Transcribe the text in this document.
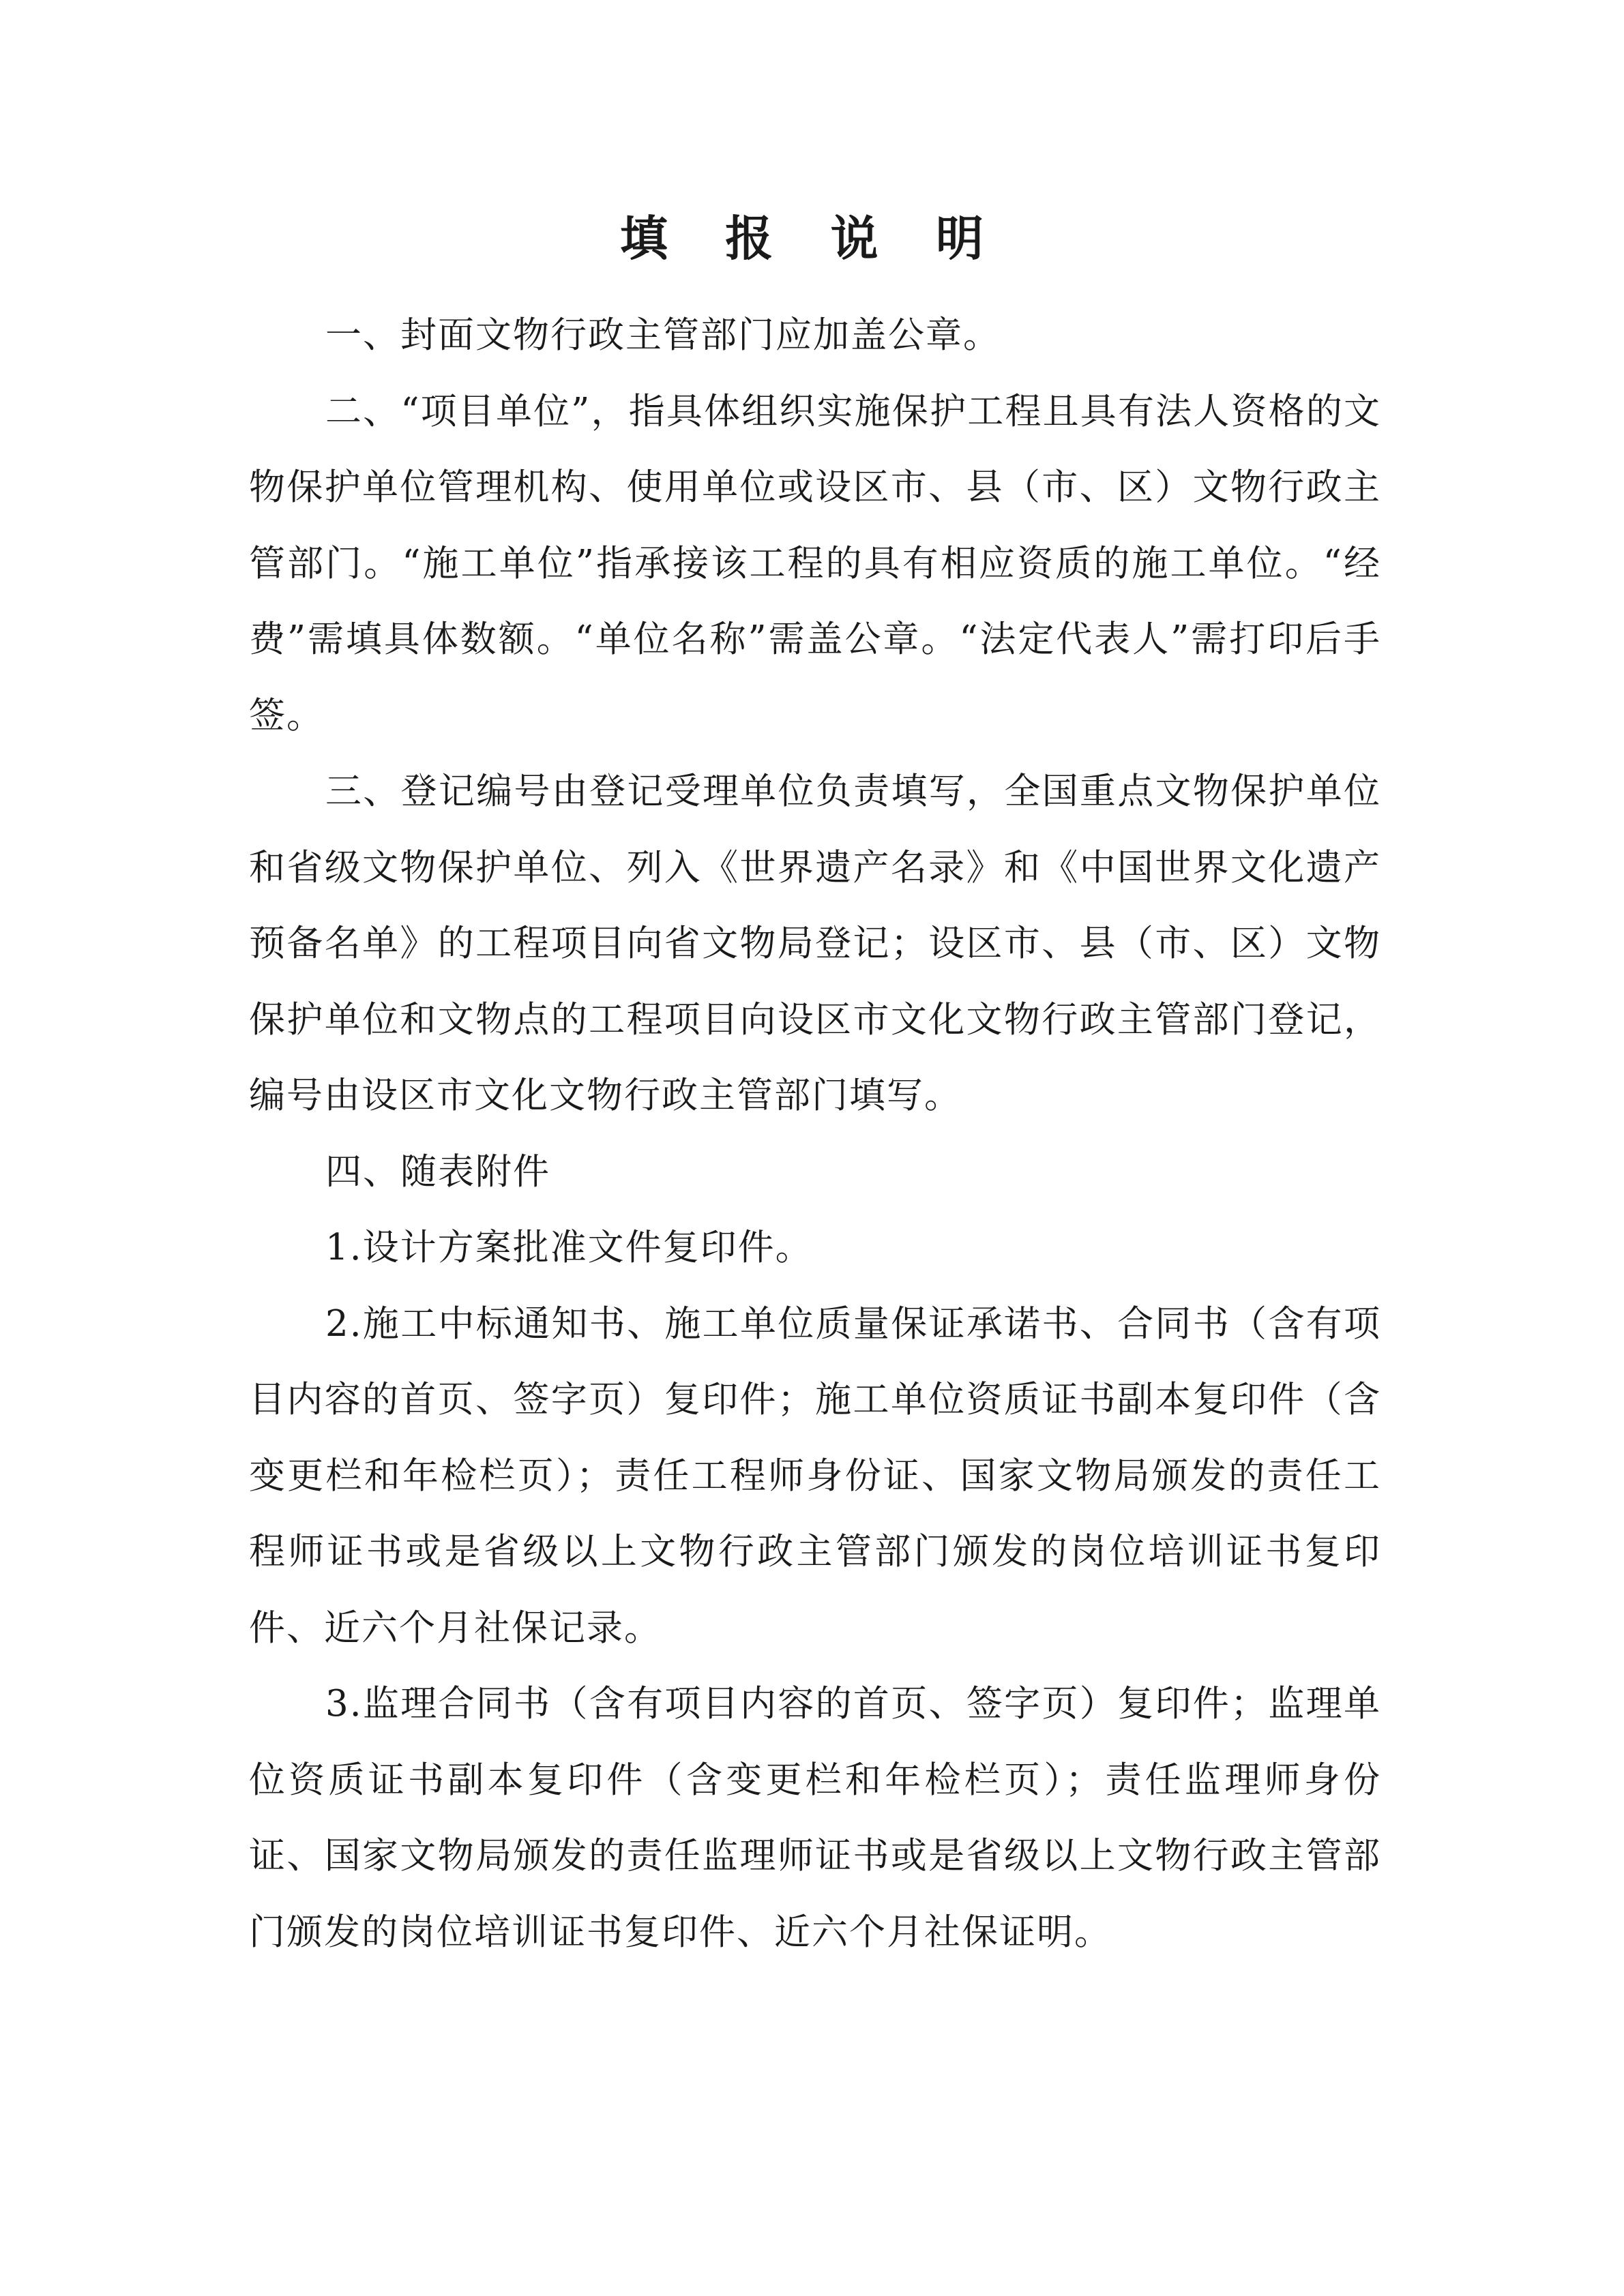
填 报 说 明

一、封面文物行政主管部门应加盖公章。

二、“项目单位”，指具体组织实施保护工程且具有法人资格的文物保护单位管理机构、使用单位或设区市、县（市、区）文物行政主管部门。“施工单位”指承接该工程的具有相应资质的施工单位。“经费”需填具体数额。“单位名称”需盖公章。“法定代表人”需打印后手签。

三、登记编号由登记受理单位负责填写，全国重点文物保护单位和省级文物保护单位、列入《世界遗产名录》和《中国世界文化遗产预备名单》的工程项目向省文物局登记；设区市、县（市、区）文物保护单位和文物点的工程项目向设区市文化文物行政主管部门登记，编号由设区市文化文物行政主管部门填写。

四、随表附件

1.设计方案批准文件复印件。

2.施工中标通知书、施工单位质量保证承诺书、合同书（含有项目内容的首页、签字页）复印件；施工单位资质证书副本复印件（含变更栏和年检栏页）；责任工程师身份证、国家文物局颁发的责任工程师证书或是省级以上文物行政主管部门颁发的岗位培训证书复印件、近六个月社保记录。

3.监理合同书（含有项目内容的首页、签字页）复印件；监理单位资质证书副本复印件（含变更栏和年检栏页）；责任监理师身份证、国家文物局颁发的责任监理师证书或是省级以上文物行政主管部门颁发的岗位培训证书复印件、近六个月社保证明。
